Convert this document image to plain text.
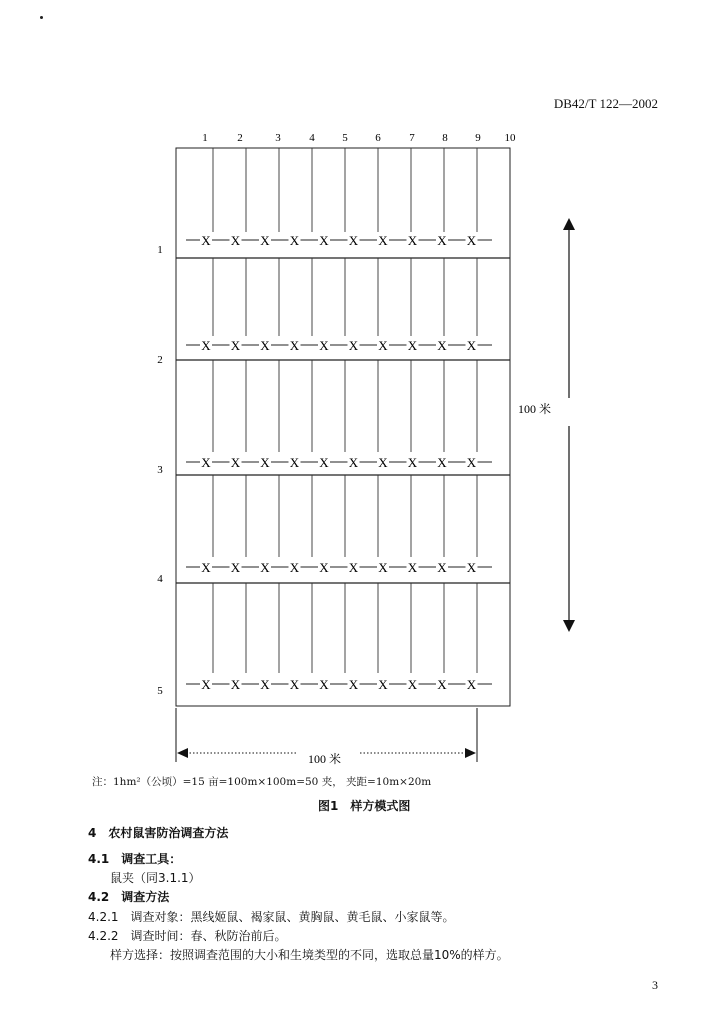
DB42/T 122—2002
1	2	3	4	5	6	7	8	9 10
1
2
3
4
5
X X X X X X X X X X
X X X X X X X X X X
X X X X X X X X X X
X X X X X X X X X X
X X X X X X X X X X
100 米
100 米
注：1hm²（公顷）=15 亩=100m×100m=50 夹， 夹距=10m×20m
图1　样方模式图
4　农村鼠害防治调查方法
4.1　调查工具：
鼠夹（同3.1.1）
4.2　调查方法
4.2.1　调查对象：黑线姬鼠、褐家鼠、黄胸鼠、黄毛鼠、小家鼠等。
4.2.2　调查时间：春、秋防治前后。
样方选择：按照调查范围的大小和生境类型的不同，选取总量10%的样方。
3
